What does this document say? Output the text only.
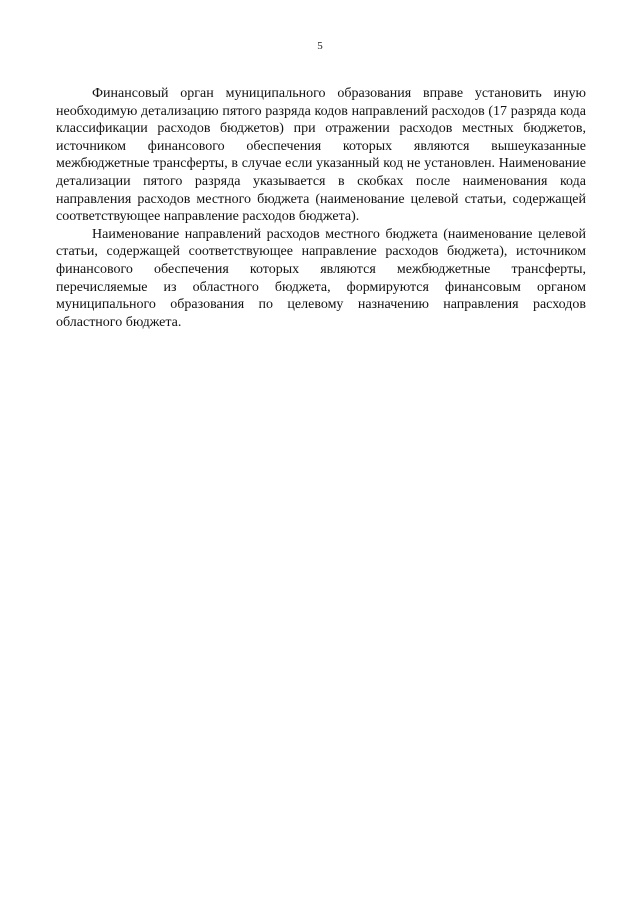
5

Финансовый орган муниципального образования вправе установить иную необходимую детализацию пятого разряда кодов направлений расходов (17 разряда кода классификации расходов бюджетов) при отражении расходов местных бюджетов, источником финансового обеспечения которых являются вышеуказанные межбюджетные трансферты, в случае если указанный код не установлен. Наименование детализации пятого разряда указывается в скобках после наименования кода направления расходов местного бюджета (наименование целевой статьи, содержащей соответствующее направление расходов бюджета).

Наименование направлений расходов местного бюджета (наименование целевой статьи, содержащей соответствующее направление расходов бюджета), источником финансового обеспечения которых являются межбюджетные трансферты, перечисляемые из областного бюджета, формируются финансовым органом муниципального образования по целевому назначению направления расходов областного бюджета.
